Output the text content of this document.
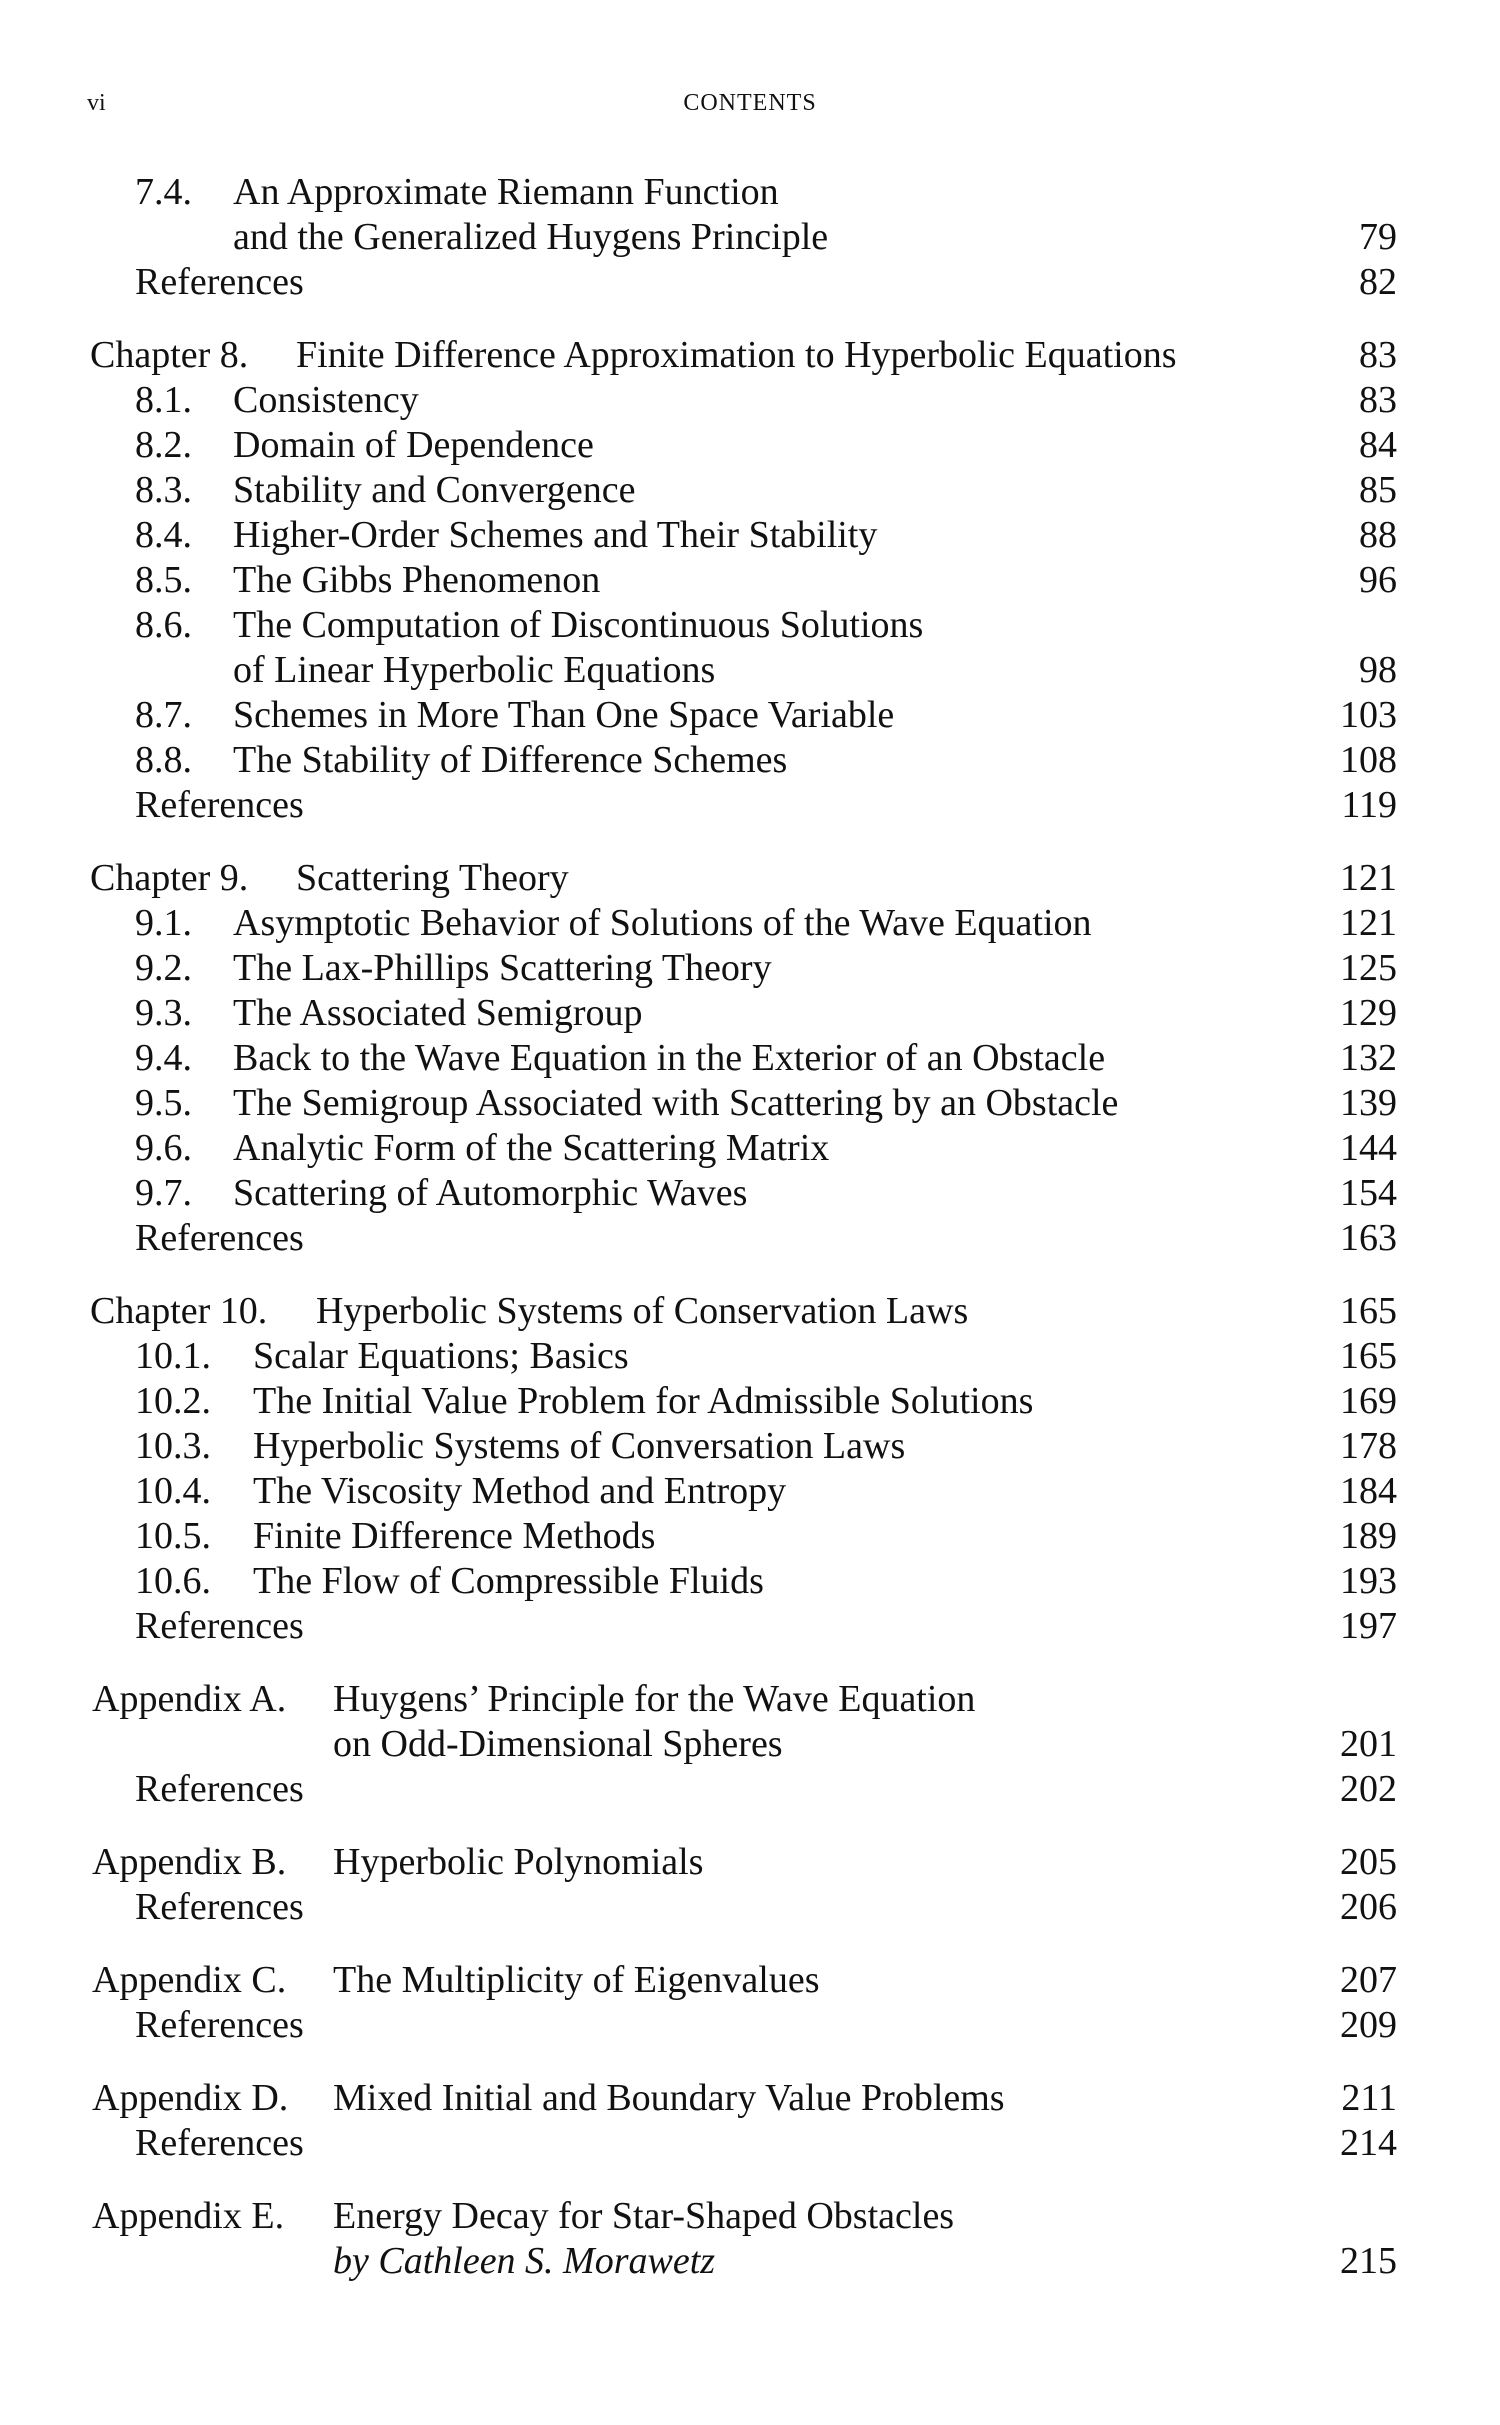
vi	CONTENTS
7.4. An Approximate Riemann Function
and the Generalized Huygens Principle	79
References	82
Chapter 8. Finite Difference Approximation to Hyperbolic Equations	83
8.1. Consistency	83
8.2. Domain of Dependence	84
8.3. Stability and Convergence	85
8.4. Higher-Order Schemes and Their Stability	88
8.5. The Gibbs Phenomenon	96
8.6. The Computation of Discontinuous Solutions
of Linear Hyperbolic Equations	98
8.7. Schemes in More Than One Space Variable	103
8.8. The Stability of Difference Schemes	108
References	119
Chapter 9. Scattering Theory	121
9.1. Asymptotic Behavior of Solutions of the Wave Equation	121
9.2. The Lax-Phillips Scattering Theory	125
9.3. The Associated Semigroup	129
9.4. Back to the Wave Equation in the Exterior of an Obstacle	132
9.5. The Semigroup Associated with Scattering by an Obstacle	139
9.6. Analytic Form of the Scattering Matrix	144
9.7. Scattering of Automorphic Waves	154
References	163
Chapter 10. Hyperbolic Systems of Conservation Laws	165
10.1. Scalar Equations; Basics	165
10.2. The Initial Value Problem for Admissible Solutions	169
10.3. Hyperbolic Systems of Conversation Laws	178
10.4. The Viscosity Method and Entropy	184
10.5. Finite Difference Methods	189
10.6. The Flow of Compressible Fluids	193
References	197
Appendix A. Huygens’ Principle for the Wave Equation
on Odd-Dimensional Spheres	201
References	202
Appendix B. Hyperbolic Polynomials	205
References	206
Appendix C. The Multiplicity of Eigenvalues	207
References	209
Appendix D. Mixed Initial and Boundary Value Problems	211
References	214
Appendix E. Energy Decay for Star-Shaped Obstacles
by Cathleen S. Morawetz	215
